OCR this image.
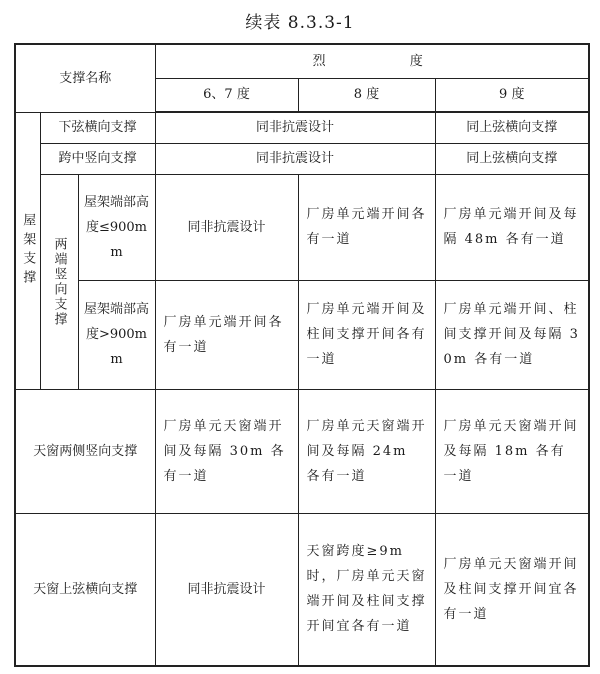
续表 8.3.3-1
支撑名称			烈 度		
			6、7 度	8 度	9 度
屋架支撑	下弦横向支撑		同非抗震设计		同上弦横向支撑
	跨中竖向支撑		同非抗震设计		同上弦横向支撑
	两端竖向支撑	屋架端部高度≤900mm	同非抗震设计	厂房单元端开间各有一道	厂房单元端开间及每隔 48m 各有一道
		屋架端部高度>900mm	厂房单元端开间各有一道	厂房单元端开间及柱间支撑开间各有一道	厂房单元端开间、柱间支撑开间及每隔 30m 各有一道
天窗两侧竖向支撑			厂房单元天窗端开间及每隔 30m 各有一道	厂房单元天窗端开间及每隔 24m 各有一道	厂房单元天窗端开间及每隔 18m 各有一道
天窗上弦横向支撑			同非抗震设计	天窗跨度≥9m 时，厂房单元天窗端开间及柱间支撑开间宜各有一道	厂房单元天窗端开间及柱间支撑开间宜各有一道
